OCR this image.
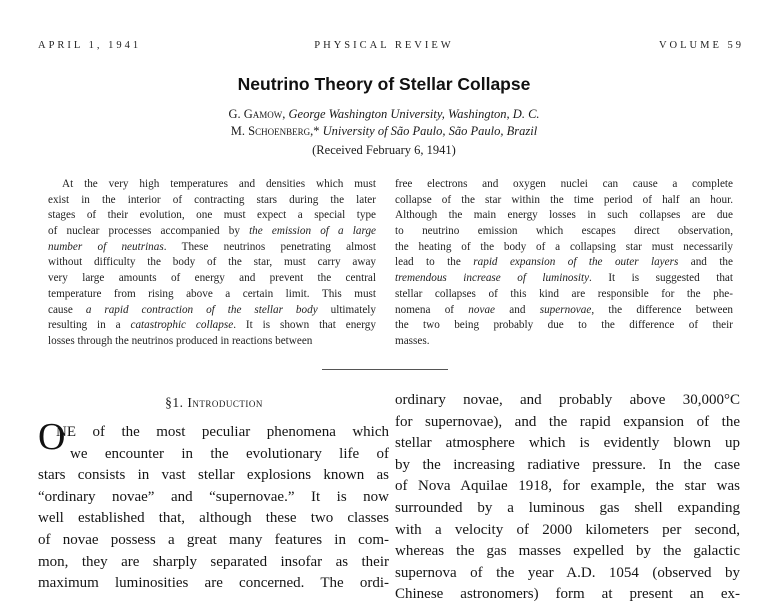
APRIL 1, 1941	PHYSICAL REVIEW	VOLUME 59
Neutrino Theory of Stellar Collapse
G. Gamow, George Washington University, Washington, D. C.
M. Schoenberg,* University of São Paulo, São Paulo, Brazil
(Received February 6, 1941)
At the very high temperatures and densities which must
exist in the interior of contracting stars during the later
stages of their evolution, one must expect a special type
of nuclear processes accompanied by the emission of a large
number of neutrinas. These neutrinos penetrating almost
without difficulty the body of the star, must carry away
very large amounts of energy and prevent the central
temperature from rising above a certain limit. This must
cause a rapid contraction of the stellar body ultimately
resulting in a catastrophic collapse. It is shown that energy
losses through the neutrinos produced in reactions between
free electrons and oxygen nuclei can cause a complete
collapse of the star within the time period of half an hour.
Although the main energy losses in such collapses are due
to neutrino emission which escapes direct observation,
the heating of the body of a collapsing star must necessarily
lead to the rapid expansion of the outer layers and the
tremendous increase of luminosity. It is suggested that
stellar collapses of this kind are responsible for the phe-
nomena of novae and supernovae, the difference between
the two being probably due to the difference of their
masses.
§1. Introduction
O
NE of the most peculiar phenomena which
we encounter in the evolutionary life of
stars consists in vast stellar explosions known as
“ordinary novae” and “supernovae.” It is now
well established that, although these two classes
of novae possess a great many features in com-
mon, they are sharply separated insofar as their
maximum luminosities are concerned. The ordi-
ordinary novae, and probably above 30,000°C
for supernovae), and the rapid expansion of the
stellar atmosphere which is evidently blown up
by the increasing radiative pressure. In the case
of Nova Aquilae 1918, for example, the star was
surrounded by a luminous gas shell expanding
with a velocity of 2000 kilometers per second,
whereas the gas masses expelled by the galactic
supernova of the year A.D. 1054 (observed by
Chinese astronomers) form at present an ex-
